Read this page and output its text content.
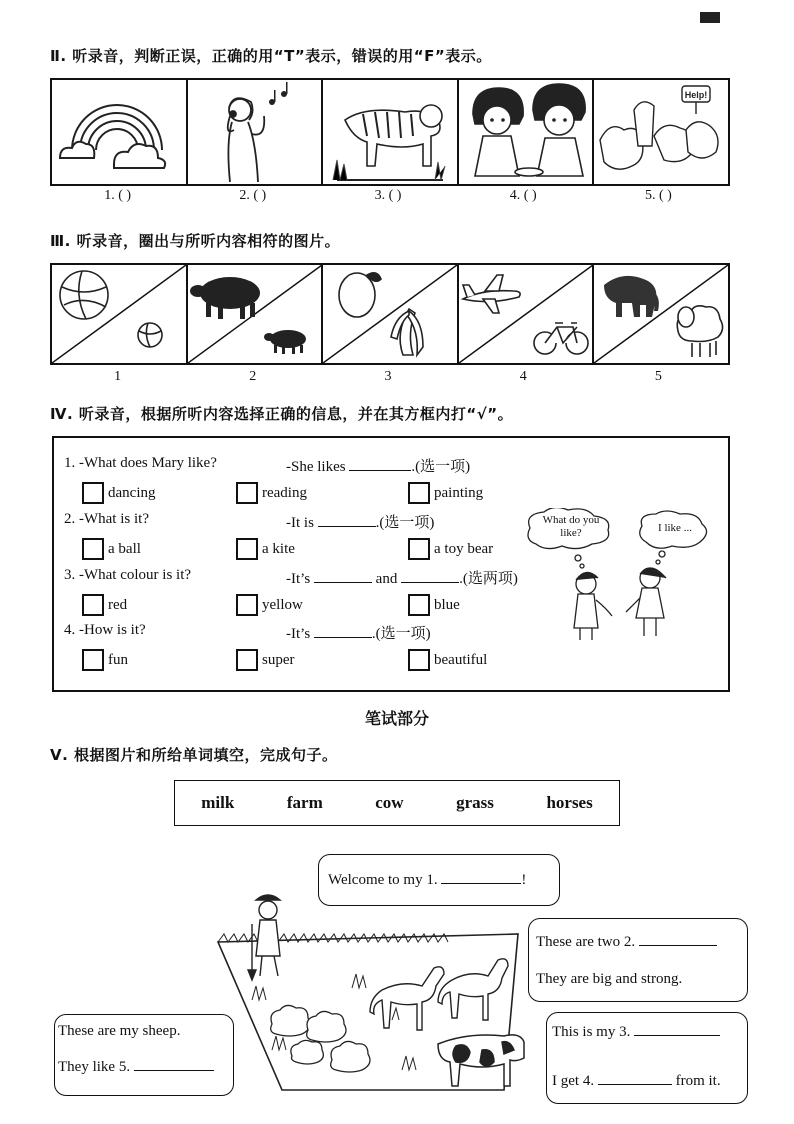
Ⅱ. 听录音，判断正误，正确的用“T”表示，错误的用“F”表示。
Help!
1. ( )	2. ( )	3. ( )	4. ( )	5. ( )
Ⅲ. 听录音，圈出与所听内容相符的图片。
1	2	3	4	5
Ⅳ. 听录音，根据所听内容选择正确的信息，并在其方框内打“√”。
1. -What does Mary like?	-She likes	.(选一项)
dancing	reading	painting
2. -What is it?	-It is	.(选一项)
a ball	a kite	a toy bear
3. -What colour is it?	-It’s	and	.(选两项)
red	yellow	blue
4. -How is it?	-It’s	.(选一项)
fun	super	beautiful
What do you like?	I like ...
笔试部分
Ⅴ. 根据图片和所给单词填空，完成句子。
milk	farm	cow	grass	horses
Welcome to my 1.	!
These are two 2.
They are big and strong.
These are my sheep.
They like 5.
This is my 3.
I get 4.	from it.
